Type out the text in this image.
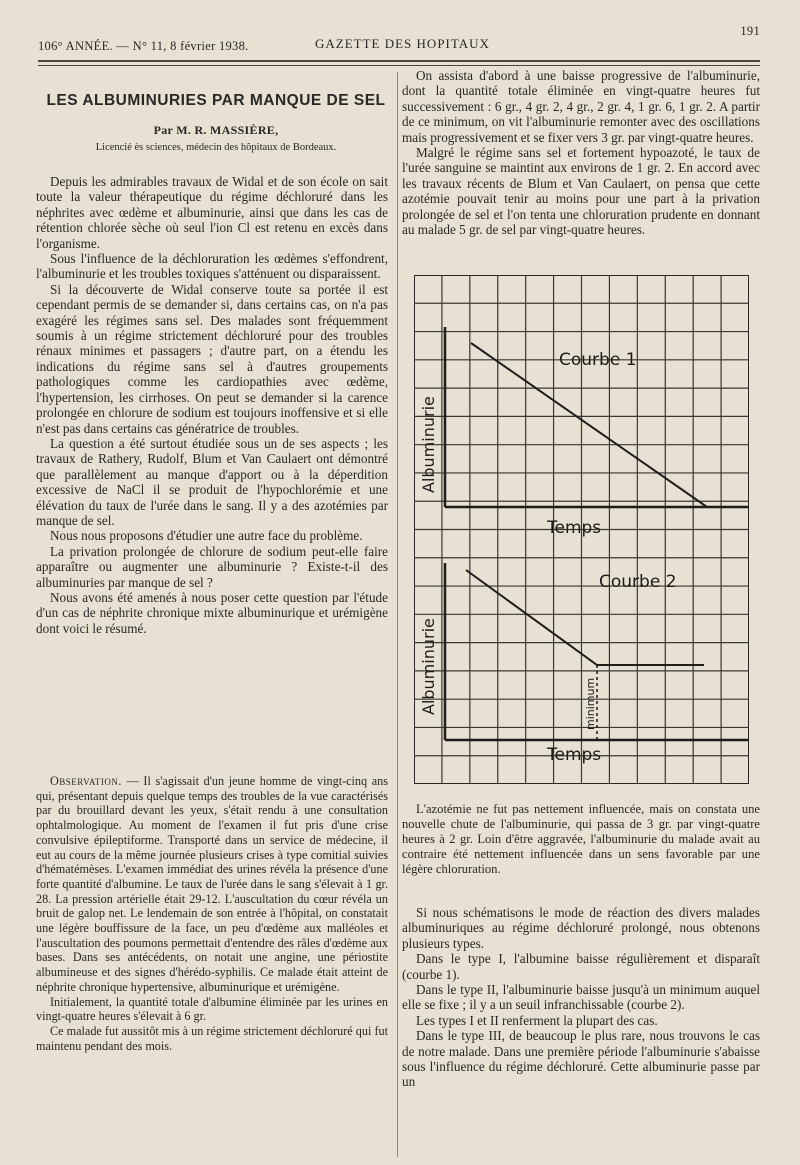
106° ANNÉE. — N° 11, 8 février 1938.	GAZETTE DES HOPITAUX
191
LES ALBUMINURIES PAR MANQUE DE SEL
Par M. R. MASSIÈRE,
Licencié ès sciences, médecin des hôpitaux de Bordeaux.

Depuis les admirables travaux de Widal et de son école on sait toute la valeur thérapeutique du régime déchloruré dans les néphrites avec œdème et albuminurie, ainsi que dans les cas de rétention chlorée sèche où seul l'ion Cl est retenu en excès dans l'organisme.

Sous l'influence de la déchloruration les œdèmes s'effondrent, l'albuminurie et les troubles toxiques s'atténuent ou disparaissent.

Si la découverte de Widal conserve toute sa portée il est cependant permis de se demander si, dans certains cas, on n'a pas exagéré les régimes sans sel. Des malades sont fréquemment soumis à un régime strictement déchloruré pour des troubles rénaux minimes et passagers ; d'autre part, on a étendu les indications du régime sans sel à d'autres groupements pathologiques comme les cardiopathies avec œdème, l'hypertension, les cirrhoses. On peut se demander si la carence prolongée en chlorure de sodium est toujours inoffensive et si elle n'est pas dans certains cas génératrice de troubles.

La question a été surtout étudiée sous un de ses aspects ; les travaux de Rathery, Rudolf, Blum et Van Caulaert ont démontré que parallèlement au manque d'apport ou à la déperdition excessive de NaCl il se produit de l'hypochlorémie et une élévation du taux de l'urée dans le sang. Il y a des azotémies par manque de sel.

Nous nous proposons d'étudier une autre face du problème.

La privation prolongée de chlorure de sodium peut-elle faire apparaître ou augmenter une albuminurie ? Existe-t-il des albuminuries par manque de sel ?

Nous avons été amenés à nous poser cette question par l'étude d'un cas de néphrite chronique mixte albuminurique et urémigène dont voici le résumé.

Observation. — Il s'agissait d'un jeune homme de vingt-cinq ans qui, présentant depuis quelque temps des troubles de la vue caractérisés par du brouillard devant les yeux, s'était rendu à une consultation ophtalmologique. Au moment de l'examen il fut pris d'une crise convulsive épileptiforme. Transporté dans un service de médecine, il eut au cours de la même journée plusieurs crises à type comitial suivies d'hématémèses. L'examen immédiat des urines révéla la présence d'une forte quantité d'albumine. Le taux de l'urée dans le sang s'élevait à 1 gr. 28. La pression artérielle était 29-12. L'auscultation du cœur révéla un bruit de galop net. Le lendemain de son entrée à l'hôpital, on constatait une légère bouffissure de la face, un peu d'œdème aux malléoles et l'auscultation des poumons permettait d'entendre des râles d'œdème aux bases. Dans ses antécédents, on notait une angine, une périostite albumineuse et des signes d'hérédo-syphilis. Ce malade était atteint de néphrite chronique hypertensive, albuminurique et urémigène.

Initialement, la quantité totale d'albumine éliminée par les urines en vingt-quatre heures s'élevait à 6 gr.

Ce malade fut aussitôt mis à un régime strictement déchloruré qui fut maintenu pendant des mois.

On assista d'abord à une baisse progressive de l'albuminurie, dont la quantité totale éliminée en vingt-quatre heures fut successivement : 6 gr., 4 gr. 2, 4 gr., 2 gr. 4, 1 gr. 6, 1 gr. 2. A partir de ce minimum, on vit l'albuminurie remonter avec des oscillations mais progressivement et se fixer vers 3 gr. par vingt-quatre heures.

Malgré le régime sans sel et fortement hypoazoté, le taux de l'urée sanguine se maintint aux environs de 1 gr. 2. En accord avec les travaux récents de Blum et Van Caulaert, on pensa que cette azotémie pouvait tenir au moins pour une part à la privation prolongée de sel et l'on tenta une chloruration prudente en donnant au malade 5 gr. de sel par vingt-quatre heures.

Courbe 1
Albuminurie
Temps
Courbe 2
Albuminurie	minimum
Temps

L'azotémie ne fut pas nettement influencée, mais on constata une nouvelle chute de l'albuminurie, qui passa de 3 gr. par vingt-quatre heures à 2 gr. Loin d'être aggravée, l'albuminurie du malade avait au contraire été nettement influencée dans un sens favorable par une légère chloruration.

Si nous schématisons le mode de réaction des divers malades albuminuriques au régime déchloruré prolongé, nous obtenons plusieurs types.

Dans le type I, l'albumine baisse régulièrement et disparaît (courbe 1).

Dans le type II, l'albuminurie baisse jusqu'à un minimum auquel elle se fixe ; il y a un seuil infranchissable (courbe 2).

Les types I et II renferment la plupart des cas.

Dans le type III, de beaucoup le plus rare, nous trouvons le cas de notre malade. Dans une première période l'albuminurie s'abaisse sous l'influence du régime déchloruré. Cette albuminurie passe par un
